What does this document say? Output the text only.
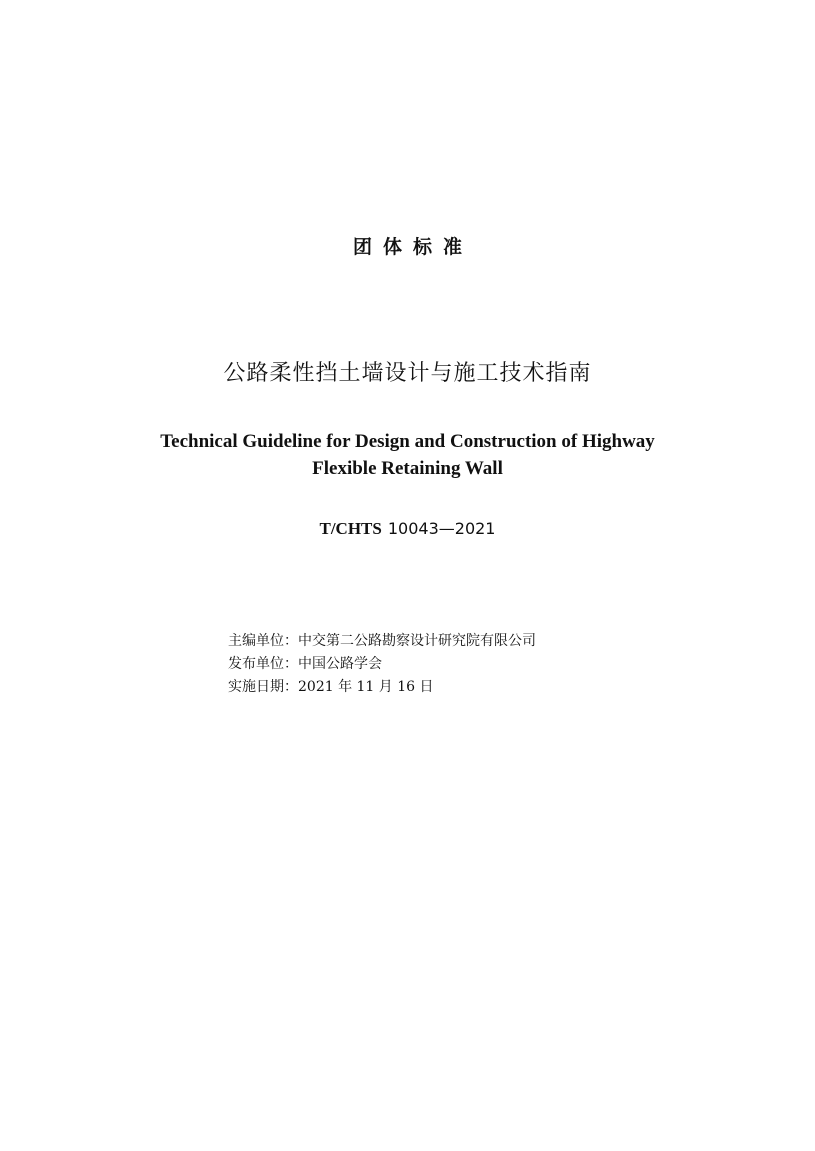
团体标准
公路柔性挡土墙设计与施工技术指南
Technical Guideline for Design and Construction of Highway
Flexible Retaining Wall
T/CHTS 10043—2021
主编单位：中交第二公路勘察设计研究院有限公司
发布单位：中国公路学会
实施日期：2021 年 11 月 16 日
